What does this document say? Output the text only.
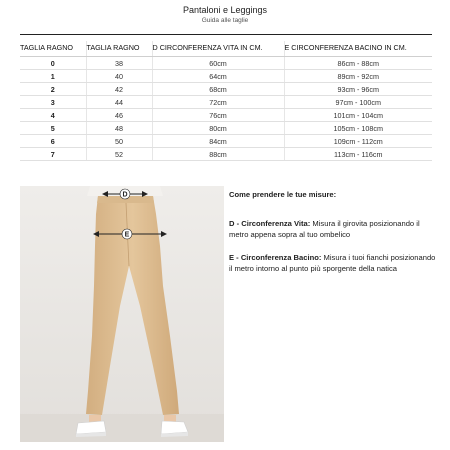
Pantaloni e Leggings
Guida alle taglie
TAGLIA RAGNO	TAGLIA RAGNO	D CIRCONFERENZA VITA IN CM.	E CIRCONFERENZA BACINO IN CM.
0	38	60cm	86cm - 88cm
1	40	64cm	89cm - 92cm
2	42	68cm	93cm - 96cm
3	44	72cm	97cm - 100cm
4	46	76cm	101cm - 104cm
5	48	80cm	105cm - 108cm
6	50	84cm	109cm - 112cm
7	52	88cm	113cm - 116cm
D
E
Come prendere le tue misure:
D - Circonferenza Vita: Misura il girovita posizionando il metro appena sopra al tuo ombelico
E - Circonferenza Bacino: Misura i tuoi fianchi posizionando il metro intorno al punto più sporgente della natica
